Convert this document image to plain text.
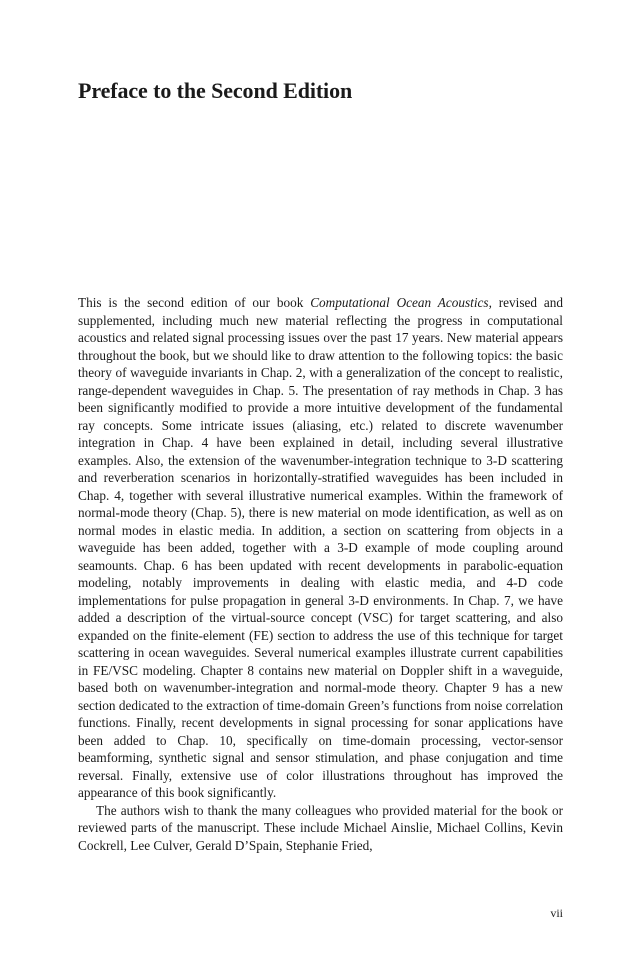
Preface to the Second Edition

This is the second edition of our book Computational Ocean Acoustics, revised and supplemented, including much new material reflecting the progress in computational acoustics and related signal processing issues over the past 17 years. New material appears throughout the book, but we should like to draw attention to the following topics: the basic theory of waveguide invariants in Chap. 2, with a generalization of the concept to realistic, range-dependent waveguides in Chap. 5. The presentation of ray methods in Chap. 3 has been significantly modified to provide a more intuitive development of the fundamental ray concepts. Some intricate issues (aliasing, etc.) related to discrete wavenumber integration in Chap. 4 have been explained in detail, including several illustrative examples. Also, the extension of the wavenumber-integration technique to 3-D scattering and reverberation scenarios in horizontally-stratified waveguides has been included in Chap. 4, together with several illustrative numerical examples. Within the framework of normal-mode theory (Chap. 5), there is new material on mode identification, as well as on normal modes in elastic media. In addition, a section on scattering from objects in a waveguide has been added, together with a 3-D example of mode coupling around seamounts. Chap. 6 has been updated with recent developments in parabolic-equation modeling, notably improvements in dealing with elastic media, and 4-D code implementations for pulse propagation in general 3-D environments. In Chap. 7, we have added a description of the virtual-source concept (VSC) for target scattering, and also expanded on the finite-element (FE) section to address the use of this technique for target scattering in ocean waveguides. Several numerical examples illustrate current capabilities in FE/VSC modeling. Chapter 8 contains new material on Doppler shift in a waveguide, based both on wavenumber-integration and normal-mode theory. Chapter 9 has a new section dedicated to the extraction of time-domain Green’s functions from noise correlation functions. Finally, recent developments in signal processing for sonar applications have been added to Chap. 10, specifically on time-domain processing, vector-sensor beamforming, synthetic signal and sensor stimulation, and phase conjugation and time reversal. Finally, extensive use of color illustrations throughout has improved the appearance of this book significantly.

The authors wish to thank the many colleagues who provided material for the book or reviewed parts of the manuscript. These include Michael Ainslie, Michael Collins, Kevin Cockrell, Lee Culver, Gerald D’Spain, Stephanie Fried,

vii
